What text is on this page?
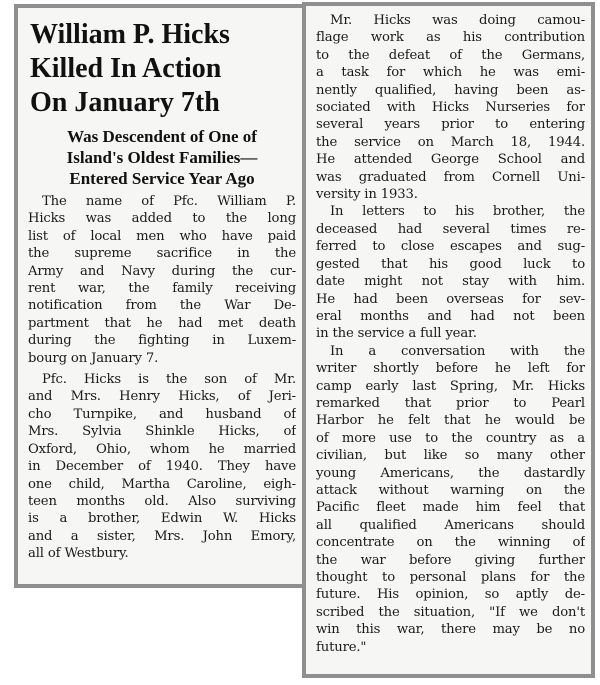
William P. Hicks
Killed In Action
On January 7th
Was Descendent of One of
Island's Oldest Families—
Entered Service Year Ago
The name of Pfc. William P.
Hicks was added to the long
list of local men who have paid
the supreme sacrifice in the
Army and Navy during the cur-
rent war, the family receiving
notification from the War De-
partment that he had met death
during the fighting in Luxem-
bourg on January 7.
Pfc. Hicks is the son of Mr.
and Mrs. Henry Hicks, of Jeri-
cho Turnpike, and husband of
Mrs. Sylvia Shinkle Hicks, of
Oxford, Ohio, whom he married
in December of 1940. They have
one child, Martha Caroline, eigh-
teen months old. Also surviving
is a brother, Edwin W. Hicks
and a sister, Mrs. John Emory,
all of Westbury.
Mr. Hicks was doing camou-
flage work as his contribution
to the defeat of the Germans,
a task for which he was emi-
nently qualified, having been as-
sociated with Hicks Nurseries for
several years prior to entering
the service on March 18, 1944.
He attended George School and
was graduated from Cornell Uni-
versity in 1933.
In letters to his brother, the
deceased had several times re-
ferred to close escapes and sug-
gested that his good luck to
date might not stay with him.
He had been overseas for sev-
eral months and had not been
in the service a full year.
In a conversation with the
writer shortly before he left for
camp early last Spring, Mr. Hicks
remarked that prior to Pearl
Harbor he felt that he would be
of more use to the country as a
civilian, but like so many other
young Americans, the dastardly
attack without warning on the
Pacific fleet made him feel that
all qualified Americans should
concentrate on the winning of
the war before giving further
thought to personal plans for the
future. His opinion, so aptly de-
scribed the situation, "If we don't
win this war, there may be no
future."
